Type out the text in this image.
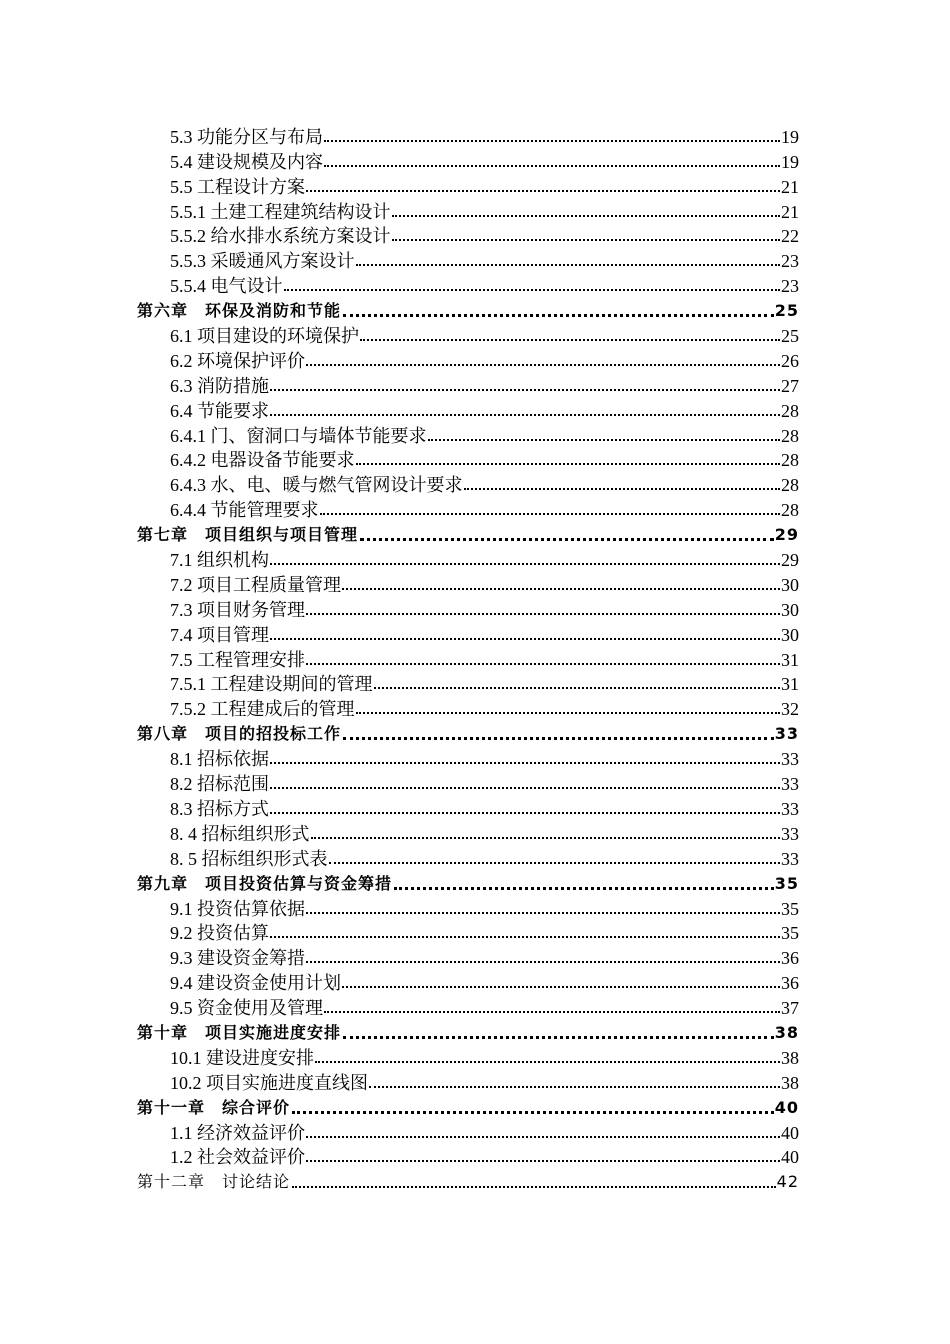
5.3 功能分区与布局	19
5.4 建设规模及内容	19
5.5 工程设计方案	21
5.5.1 土建工程建筑结构设计	21
5.5.2 给水排水系统方案设计	22
5.5.3 采暖通风方案设计	23
5.5.4 电气设计	23
第六章　环保及消防和节能	25
6.1 项目建设的环境保护	25
6.2 环境保护评价	26
6.3 消防措施	27
6.4 节能要求	28
6.4.1 门、窗洞口与墙体节能要求	28
6.4.2 电器设备节能要求	28
6.4.3 水、电、暖与燃气管网设计要求	28
6.4.4 节能管理要求	28
第七章　项目组织与项目管理	29
7.1 组织机构	29
7.2 项目工程质量管理	30
7.3 项目财务管理	30
7.4 项目管理	30
7.5 工程管理安排	31
7.5.1 工程建设期间的管理	31
7.5.2 工程建成后的管理	32
第八章　项目的招投标工作	33
8.1 招标依据	33
8.2 招标范围	33
8.3 招标方式	33
8. 4 招标组织形式	33
8. 5 招标组织形式表	33
第九章　项目投资估算与资金筹措	35
9.1 投资估算依据	35
9.2 投资估算	35
9.3 建设资金筹措	36
9.4 建设资金使用计划	36
9.5 资金使用及管理	37
第十章　项目实施进度安排	38
10.1 建设进度安排	38
10.2 项目实施进度直线图	38
第十一章　综合评价	40
1.1 经济效益评价	40
1.2 社会效益评价	40
第十二章　讨论结论	42
